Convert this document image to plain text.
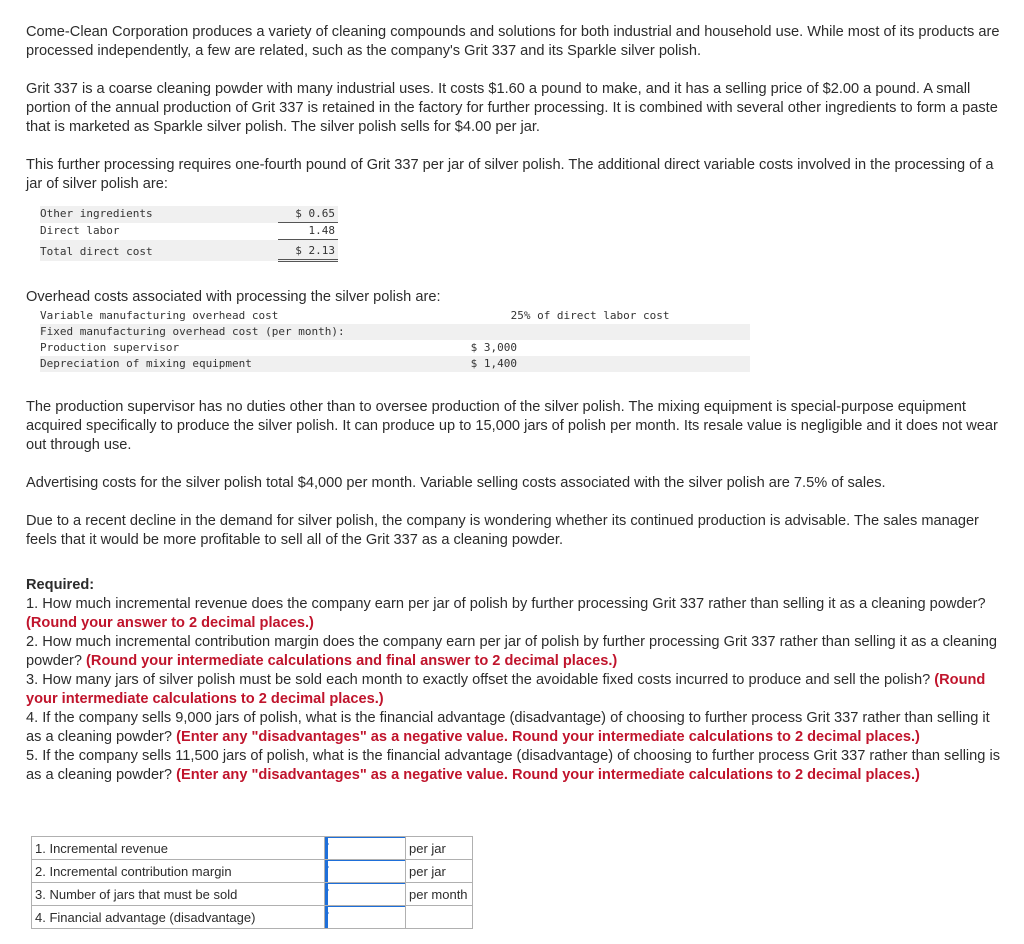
Come-Clean Corporation produces a variety of cleaning compounds and solutions for both industrial and household use. While most of its products are processed independently, a few are related, such as the company's Grit 337 and its Sparkle silver polish.

Grit 337 is a coarse cleaning powder with many industrial uses. It costs $1.60 a pound to make, and it has a selling price of $2.00 a pound. A small portion of the annual production of Grit 337 is retained in the factory for further processing. It is combined with several other ingredients to form a paste that is marketed as Sparkle silver polish. The silver polish sells for $4.00 per jar.

This further processing requires one-fourth pound of Grit 337 per jar of silver polish. The additional direct variable costs involved in the processing of a jar of silver polish are:

Other ingredients	$ 0.65
Direct labor	1.48
Total direct cost	$ 2.13

Overhead costs associated with processing the silver polish are:

Variable manufacturing overhead cost	25% of direct labor cost
Fixed manufacturing overhead cost (per month):	
Production supervisor	$ 3,000
Depreciation of mixing equipment	$ 1,400

The production supervisor has no duties other than to oversee production of the silver polish. The mixing equipment is special-purpose equipment acquired specifically to produce the silver polish. It can produce up to 15,000 jars of polish per month. Its resale value is negligible and it does not wear out through use.

Advertising costs for the silver polish total $4,000 per month. Variable selling costs associated with the silver polish are 7.5% of sales.

Due to a recent decline in the demand for silver polish, the company is wondering whether its continued production is advisable. The sales manager feels that it would be more profitable to sell all of the Grit 337 as a cleaning powder.

Required:

1. How much incremental revenue does the company earn per jar of polish by further processing Grit 337 rather than selling it as a cleaning powder? (Round your answer to 2 decimal places.)

2. How much incremental contribution margin does the company earn per jar of polish by further processing Grit 337 rather than selling it as a cleaning powder? (Round your intermediate calculations and final answer to 2 decimal places.)

3. How many jars of silver polish must be sold each month to exactly offset the avoidable fixed costs incurred to produce and sell the polish? (Round your intermediate calculations to 2 decimal places.)

4. If the company sells 9,000 jars of polish, what is the financial advantage (disadvantage) of choosing to further process Grit 337 rather than selling it as a cleaning powder? (Enter any "disadvantages" as a negative value. Round your intermediate calculations to 2 decimal places.)

5. If the company sells 11,500 jars of polish, what is the financial advantage (disadvantage) of choosing to further process Grit 337 rather than selling is as a cleaning powder? (Enter any "disadvantages" as a negative value. Round your intermediate calculations to 2 decimal places.)

1. Incremental revenue		per jar
2. Incremental contribution margin		per jar
3. Number of jars that must be sold		per month
4. Financial advantage (disadvantage)	
